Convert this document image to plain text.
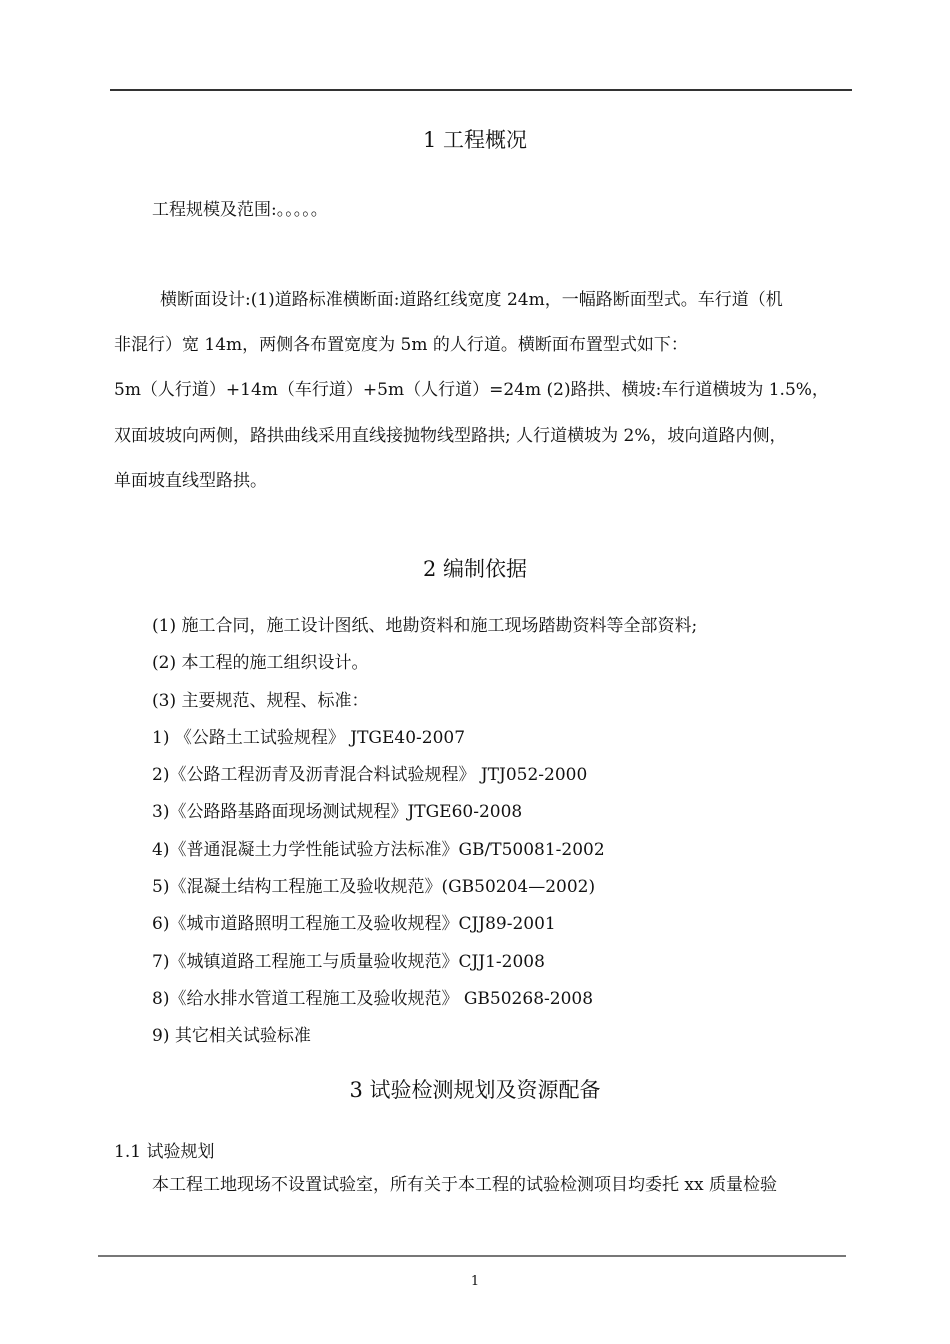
1 工程概况
工程规模及范围:。。。。。
横断面设计:(1)道路标准横断面:道路红线宽度 24m，一幅路断面型式。车行道（机
非混行）宽 14m，两侧各布置宽度为 5m 的人行道。横断面布置型式如下：
5m（人行道）+14m（车行道）+5m（人行道）=24m (2)路拱、横坡:车行道横坡为 1.5%，
双面坡坡向两侧，路拱曲线采用直线接抛物线型路拱; 人行道横坡为 2%，坡向道路内侧，
单面坡直线型路拱。
2 编制依据
(1) 施工合同，施工设计图纸、地勘资料和施工现场踏勘资料等全部资料;
(2) 本工程的施工组织设计。
(3) 主要规范、规程、标准：
1) 《公路土工试验规程》 JTGE40-2007
2)《公路工程沥青及沥青混合料试验规程》 JTJ052-2000
3)《公路路基路面现场测试规程》JTGE60-2008
4)《普通混凝土力学性能试验方法标准》GB/T50081-2002
5)《混凝土结构工程施工及验收规范》(GB50204—2002)
6)《城市道路照明工程施工及验收规程》CJJ89-2001
7)《城镇道路工程施工与质量验收规范》CJJ1-2008
8)《给水排水管道工程施工及验收规范》 GB50268-2008
9) 其它相关试验标准
3 试验检测规划及资源配备
1.1 试验规划
本工程工地现场不设置试验室，所有关于本工程的试验检测项目均委托 xx 质量检验
1
